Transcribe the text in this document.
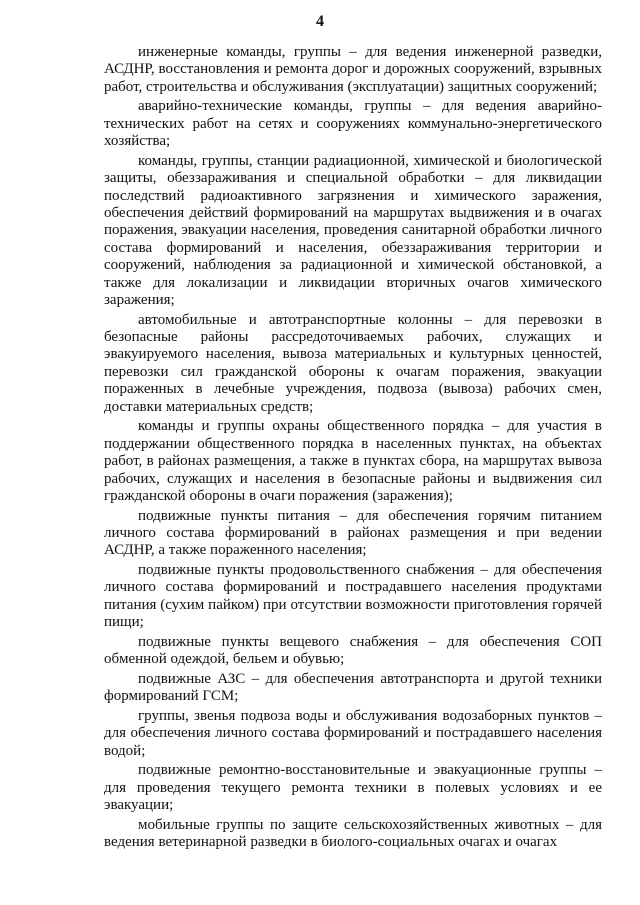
4

инженерные команды, группы – для ведения инженерной разведки, АСДНР, восстановления и ремонта дорог и дорожных сооружений, взрывных работ, строительства и обслуживания (эксплуатации) защитных сооружений;

аварийно-технические команды, группы – для ведения аварийно-технических работ на сетях и сооружениях коммунально-энергетического хозяйства;

команды, группы, станции радиационной, химической и биологической защиты, обеззараживания и специальной обработки – для ликвидации последствий радиоактивного загрязнения и химического заражения, обеспечения действий формирований на маршрутах выдвижения и в очагах поражения, эвакуации населения, проведения санитарной обработки личного состава формирований и населения, обеззараживания территории и сооружений, наблюдения за радиационной и химической обстановкой, а также для локализации и ликвидации вторичных очагов химического заражения;

автомобильные и автотранспортные колонны – для перевозки в безопасные районы рассредоточиваемых рабочих, служащих и эвакуируемого населения, вывоза материальных и культурных ценностей, перевозки сил гражданской обороны к очагам поражения, эвакуации пораженных в лечебные учреждения, подвоза (вывоза) рабочих смен, доставки материальных средств;

команды и группы охраны общественного порядка – для участия в поддержании общественного порядка в населенных пунктах, на объектах работ, в районах размещения, а также в пунктах сбора, на маршрутах вывоза рабочих, служащих и населения в безопасные районы и выдвижения сил гражданской обороны в очаги поражения (заражения);

подвижные пункты питания – для обеспечения горячим питанием личного состава формирований в районах размещения и при ведении АСДНР, а также пораженного населения;

подвижные пункты продовольственного снабжения – для обеспечения личного состава формирований и пострадавшего населения продуктами питания (сухим пайком) при отсутствии возможности приготовления горячей пищи;

подвижные пункты вещевого снабжения – для обеспечения СОП обменной одеждой, бельем и обувью;

подвижные АЗС – для обеспечения автотранспорта и другой техники формирований ГСМ;

группы, звенья подвоза воды и обслуживания водозаборных пунктов – для обеспечения личного состава формирований и пострадавшего населения водой;

подвижные ремонтно-восстановительные и эвакуационные группы – для проведения текущего ремонта техники в полевых условиях и ее эвакуации;

мобильные группы по защите сельскохозяйственных животных – для ведения ветеринарной разведки в биолого-социальных очагах и очагах
